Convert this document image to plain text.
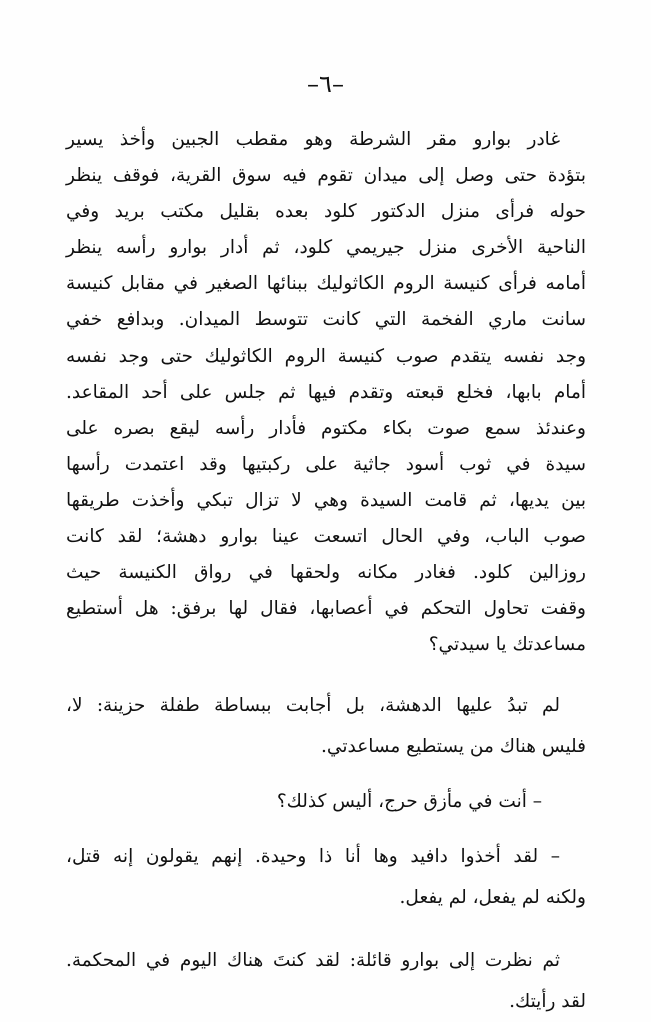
–٦–

غادر بوارو مقر الشرطة وهو مقطب الجبين وأخذ يسير
بتؤدة حتى وصل إلى ميدان تقوم فيه سوق القرية، فوقف ينظر
حوله فرأى منزل الدكتور كلود بعده بقليل مكتب بريد وفي
الناحية الأخرى منزل جيريمي كلود، ثم أدار بوارو رأسه ينظر
أمامه فرأى كنيسة الروم الكاثوليك ببنائها الصغير في مقابل كنيسة
سانت ماري الفخمة التي كانت تتوسط الميدان. وبدافع خفي
وجد نفسه يتقدم صوب كنيسة الروم الكاثوليك حتى وجد نفسه
أمام بابها، فخلع قبعته وتقدم فيها ثم جلس على أحد المقاعد.
وعندئذ سمع صوت بكاء مكتوم فأدار رأسه ليقع بصره على
سيدة في ثوب أسود جاثية على ركبتيها وقد اعتمدت رأسها
بين يديها، ثم قامت السيدة وهي لا تزال تبكي وأخذت طريقها
صوب الباب، وفي الحال اتسعت عينا بوارو دهشة؛ لقد كانت
روزالين كلود. فغادر مكانه ولحقها في رواق الكنيسة حيث
وقفت تحاول التحكم في أعصابها، فقال لها برفق: هل أستطيع
مساعدتك يا سيدتي؟

لم تبدُ عليها الدهشة، بل أجابت ببساطة طفلة حزينة: لا،
فليس هناك من يستطيع مساعدتي.

– أنت في مأزق حرج، أليس كذلك؟

– لقد أخذوا دافيد وها أنا ذا وحيدة. إنهم يقولون إنه قتل،
ولكنه لم يفعل، لم يفعل.

ثم نظرت إلى بوارو قائلة: لقد كنتَ هناك اليوم في المحكمة.
لقد رأيتك.
